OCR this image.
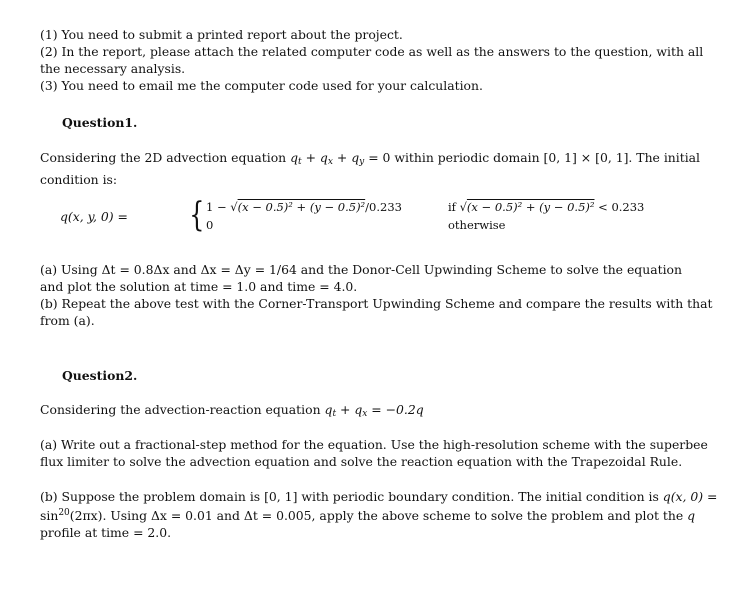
(1) You need to submit a printed report about the project.
(2) In the report, please attach the related computer code as well as the answers to the question, with all
the necessary analysis.
(3) You need to email me the computer code used for your calculation.
Question1.
Considering the 2D advection equation $q_t + q_x + q_y = 0$ within periodic domain [0, 1] × [0, 1]. The initial
condition is:
q(x, y, 0) = { 1 − √(x − 0.5)² + (y − 0.5)²/0.233	if √(x − 0.5)² + (y − 0.5)² < 0.233
0	otherwise
(a) Using Δt = 0.8Δx and Δx = Δy = 1/64 and the Donor-Cell Upwinding Scheme to solve the equation
and plot the solution at time = 1.0 and time = 4.0.
(b) Repeat the above test with the Corner-Transport Upwinding Scheme and compare the results with that
from (a).
Question2.
Considering the advection-reaction equation $q_t + q_x = -0.2q$
(a) Write out a fractional-step method for the equation. Use the high-resolution scheme with the superbee
flux limiter to solve the advection equation and solve the reaction equation with the Trapezoidal Rule.
(b) Suppose the problem domain is [0, 1] with periodic boundary condition. The initial condition is q(x, 0) =
$\sin^{20}(2\pi x)$. Using Δx = 0.01 and Δt = 0.005, apply the above scheme to solve the problem and plot the q
profile at time = 2.0.
